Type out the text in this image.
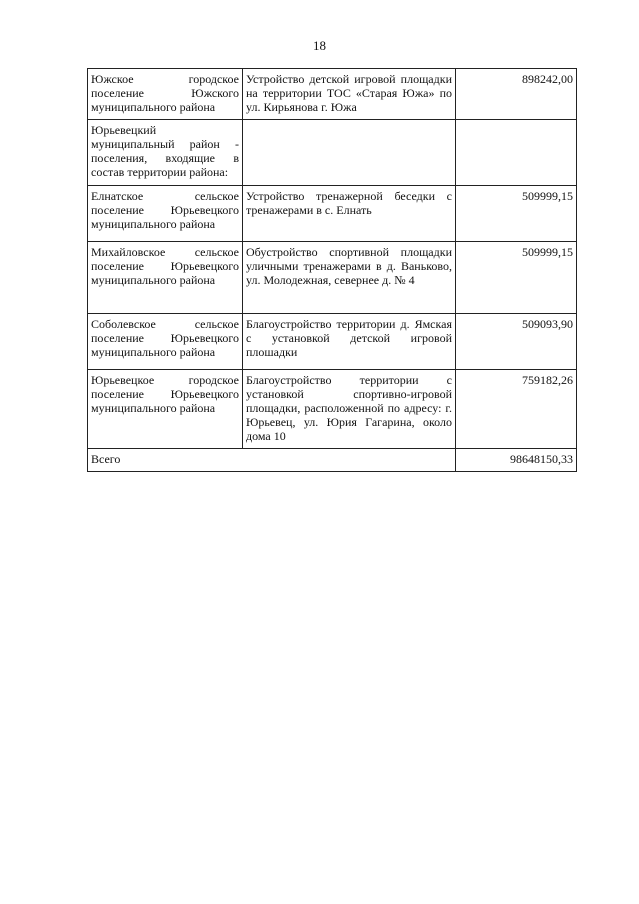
18
Южское городское поселение Южского муниципального района	Устройство детской игровой площадки на территории ТОС «Старая Южа» по ул. Кирьянова г. Южа	898242,00
Юрьевецкий муниципальный район - поселения, входящие в состав территории района:		
Елнатское сельское поселение Юрьевецкого муниципального района	Устройство тренажерной беседки с тренажерами в с. Елнать	509999,15
Михайловское сельское поселение Юрьевецкого муниципального района	Обустройство спортивной площадки уличными тренажерами в д. Ваньково, ул. Молодежная, севернее д. № 4	509999,15
Соболевское сельское поселение Юрьевецкого муниципального района	Благоустройство территории д. Ямская с установкой детской игровой плошадки	509093,90
Юрьевецкое городское поселение Юрьевецкого муниципального района	Благоустройство территории с установкой спортивно-игровой площадки, расположенной по адресу: г. Юрьевец, ул. Юрия Гагарина, около дома 10	759182,26
Всего		98648150,33
